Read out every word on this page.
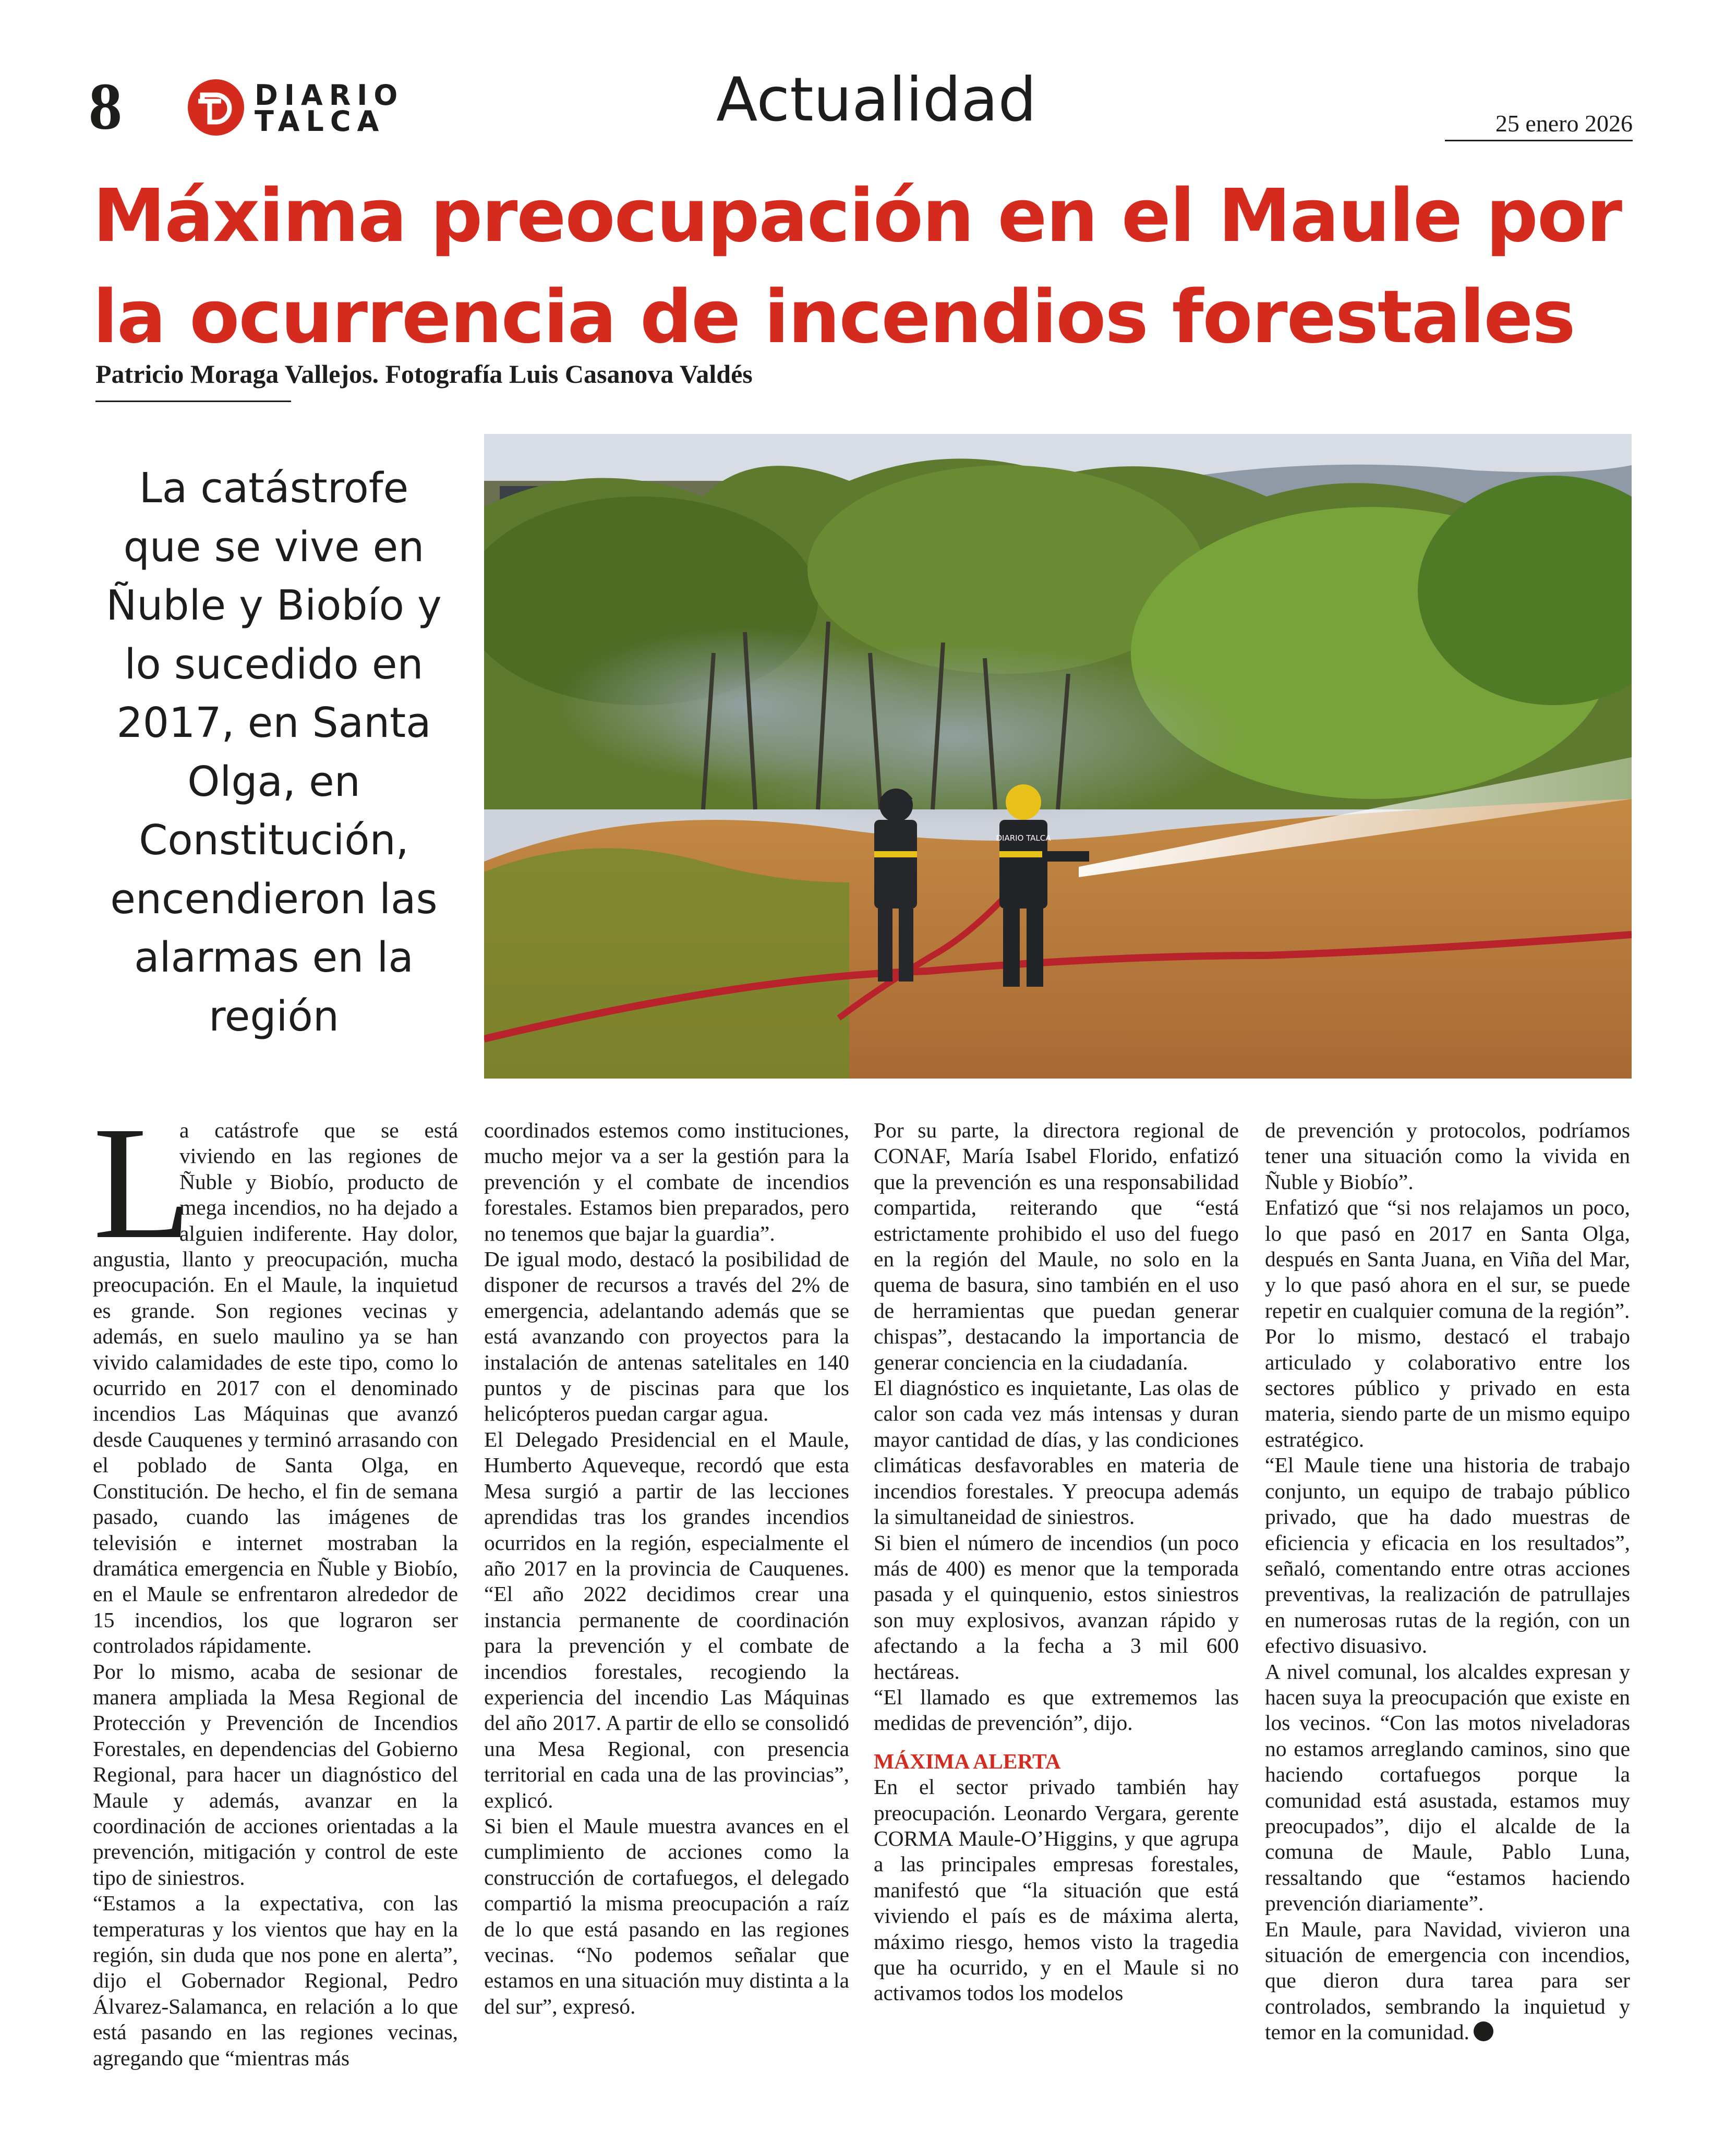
8	DIARIO
TALCA	Actualidad	25 enero 2026
Máxima preocupación en el Maule por la ocurrencia de incendios forestales
Patricio Moraga Vallejos. Fotografía Luis Casanova Valdés

La catástrofe que se vive en Ñuble y Biobío y lo sucedido en 2017, en Santa Olga, en Constitución, encendieron las alarmas en la región

DIARIO TALCA
L

a catástrofe que se está viviendo en las regiones de Ñuble y Biobío, producto de mega incendios, no ha dejado a alguien indiferente. Hay dolor, angustia, llanto y preocupación, mucha preocupación. En el Maule, la inquietud es grande. Son regiones vecinas y además, en suelo maulino ya se han vivido calamidades de este tipo, como lo ocurrido en 2017 con el denominado incendios Las Máquinas que avanzó desde Cauquenes y terminó arrasando con el poblado de Santa Olga, en Constitución. De hecho, el fin de semana pasado, cuando las imágenes de televisión e internet mostraban la dramática emergencia en Ñuble y Biobío, en el Maule se enfrentaron alrededor de 15 incendios, los que lograron ser controlados rápidamente.

Por lo mismo, acaba de sesionar de manera ampliada la Mesa Regional de Protección y Prevención de Incendios Forestales, en dependencias del Gobierno Regional, para hacer un diagnóstico del Maule y además, avanzar en la coordinación de acciones orientadas a la prevención, mitigación y control de este tipo de siniestros.

“Estamos a la expectativa, con las temperaturas y los vientos que hay en la región, sin duda que nos pone en alerta”, dijo el Gobernador Regional, Pedro Álvarez-Salamanca, en relación a lo que está pasando en las regiones vecinas, agregando que “mientras más

coordinados estemos como instituciones, mucho mejor va a ser la gestión para la prevención y el combate de incendios forestales. Estamos bien preparados, pero no tenemos que bajar la guardia”.

De igual modo, destacó la posibilidad de disponer de recursos a través del 2% de emergencia, adelantando además que se está avanzando con proyectos para la instalación de antenas satelitales en 140 puntos y de piscinas para que los helicópteros puedan cargar agua.

El Delegado Presidencial en el Maule, Humberto Aqueveque, recordó que esta Mesa surgió a partir de las lecciones aprendidas tras los grandes incendios ocurridos en la región, especialmente el año 2017 en la provincia de Cauquenes. “El año 2022 decidimos crear una instancia permanente de coordinación para la prevención y el combate de incendios forestales, recogiendo la experiencia del incendio Las Máquinas del año 2017. A partir de ello se consolidó una Mesa Regional, con presencia territorial en cada una de las provincias”, explicó.

Si bien el Maule muestra avances en el cumplimiento de acciones como la construcción de cortafuegos, el delegado compartió la misma preocupación a raíz de lo que está pasando en las regiones vecinas. “No podemos señalar que estamos en una situación muy distinta a la del sur”, expresó.

Por su parte, la directora regional de CONAF, María Isabel Florido, enfatizó que la prevención es una responsabilidad compartida, reiterando que “está estrictamente prohibido el uso del fuego en la región del Maule, no solo en la quema de basura, sino también en el uso de herramientas que puedan generar chispas”, destacando la importancia de generar conciencia en la ciudadanía.

El diagnóstico es inquietante, Las olas de calor son cada vez más intensas y duran mayor cantidad de días, y las condiciones climáticas desfavorables en materia de incendios forestales. Y preocupa además la simultaneidad de siniestros.

Si bien el número de incendios (un poco más de 400) es menor que la temporada pasada y el quinquenio, estos siniestros son muy explosivos, avanzan rápido y afectando a la fecha a 3 mil 600 hectáreas.

“El llamado es que extrememos las medidas de prevención”, dijo.

MÁXIMA ALERTA

En el sector privado también hay preocupación. Leonardo Vergara, gerente CORMA Maule-O’Higgins, y que agrupa a las principales empresas forestales, manifestó que “la situación que está viviendo el país es de máxima alerta, máximo riesgo, hemos visto la tragedia que ha ocurrido, y en el Maule si no activamos todos los modelos

de prevención y protocolos, podríamos tener una situación como la vivida en Ñuble y Biobío”.

Enfatizó que “si nos relajamos un poco, lo que pasó en 2017 en Santa Olga, después en Santa Juana, en Viña del Mar, y lo que pasó ahora en el sur, se puede repetir en cualquier comuna de la región”.

Por lo mismo, destacó el trabajo articulado y colaborativo entre los sectores público y privado en esta materia, siendo parte de un mismo equipo estratégico.

“El Maule tiene una historia de trabajo conjunto, un equipo de trabajo público privado, que ha dado muestras de eficiencia y eficacia en los resultados”, señaló, comentando entre otras acciones preventivas, la realización de patrullajes en numerosas rutas de la región, con un efectivo disuasivo.

A nivel comunal, los alcaldes expresan y hacen suya la preocupación que existe en los vecinos. “Con las motos niveladoras no estamos arreglando caminos, sino que haciendo cortafuegos porque la comunidad está asustada, estamos muy preocupados”, dijo el alcalde de la comuna de Maule, Pablo Luna, ressaltando que “estamos haciendo prevención diariamente”.

En Maule, para Navidad, vivieron una situación de emergencia con incendios, que dieron dura tarea para ser controlados, sembrando la inquietud y temor en la comunidad.
